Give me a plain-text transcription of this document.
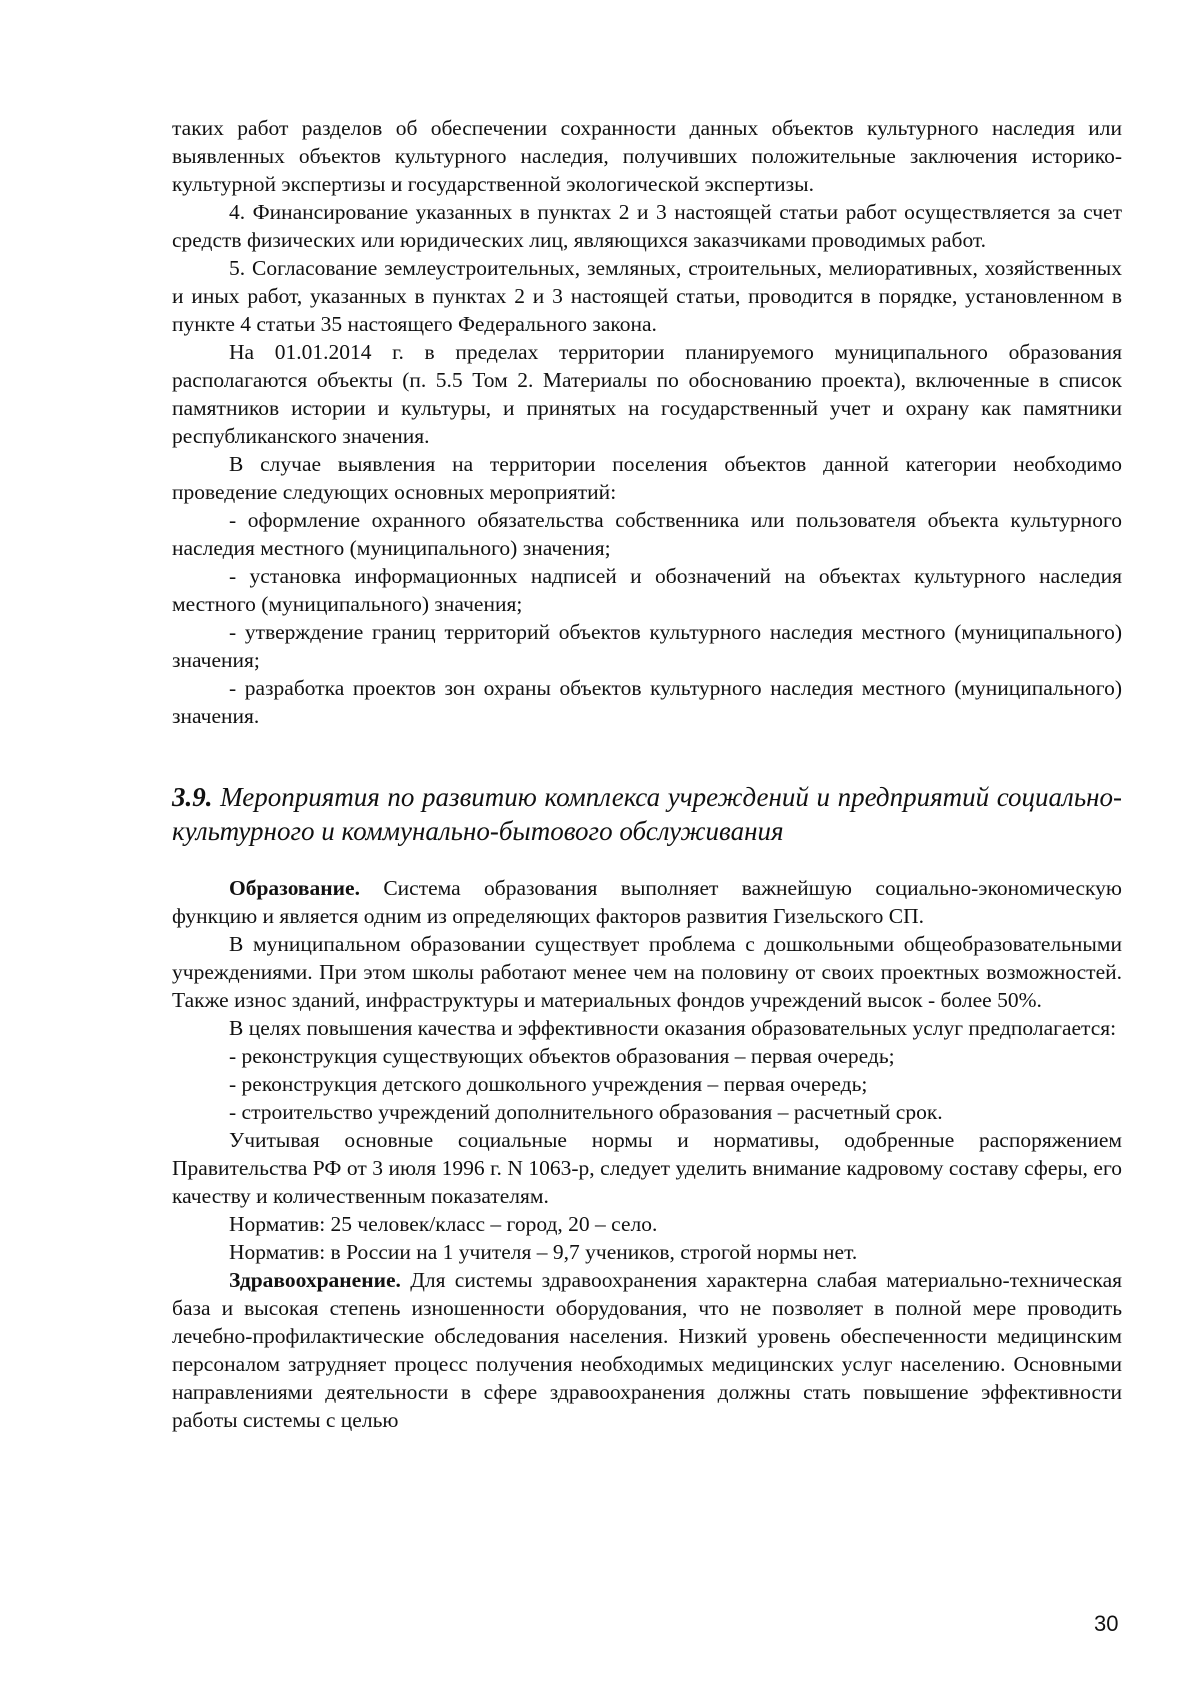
таких работ разделов об обеспечении сохранности данных объектов культурного наследия или выявленных объектов культурного наследия, получивших положительные заключения историко-культурной экспертизы и государственной экологической экспертизы.

4. Финансирование указанных в пунктах 2 и 3 настоящей статьи работ осуществляется за счет средств физических или юридических лиц, являющихся заказчиками проводимых работ.

5. Согласование землеустроительных, земляных, строительных, мелиоративных, хозяйственных и иных работ, указанных в пунктах 2 и 3 настоящей статьи, проводится в порядке, установленном в пункте 4 статьи 35 настоящего Федерального закона.

На 01.01.2014 г. в пределах территории планируемого муниципального образования располагаются объекты (п. 5.5 Том 2. Материалы по обоснованию проекта), включенные в список памятников истории и культуры, и принятых на государственный учет и охрану как памятники республиканского значения.

В случае выявления на территории поселения объектов данной категории необходимо проведение следующих основных мероприятий:

- оформление охранного обязательства собственника или пользователя объекта культурного наследия местного (муниципального) значения;

- установка информационных надписей и обозначений на объектах культурного наследия местного (муниципального) значения;

- утверждение границ территорий объектов культурного наследия местного (муниципального) значения;

- разработка проектов зон охраны объектов культурного наследия местного (муниципального) значения.

3.9. Мероприятия по развитию комплекса учреждений и предприятий социально-культурного и коммунально-бытового обслуживания

Образование. Система образования выполняет важнейшую социально-экономическую функцию и является одним из определяющих факторов развития Гизельского СП.

В муниципальном образовании существует проблема с дошкольными общеобразовательными учреждениями. При этом школы работают менее чем на половину от своих проектных возможностей. Также износ зданий, инфраструктуры и материальных фондов учреждений высок - более 50%.

В целях повышения качества и эффективности оказания образовательных услуг предполагается:

- реконструкция существующих объектов образования – первая очередь;

- реконструкция детского дошкольного учреждения – первая очередь;

- строительство учреждений дополнительного образования – расчетный срок.

Учитывая основные социальные нормы и нормативы, одобренные распоряжением Правительства РФ от 3 июля 1996 г. N 1063-р, следует уделить внимание кадровому составу сферы, его качеству и количественным показателям.

Норматив: 25 человек/класс – город, 20 – село.

Норматив: в России на 1 учителя – 9,7 учеников, строгой нормы нет.

Здравоохранение. Для системы здравоохранения характерна слабая материально-техническая база и высокая степень изношенности оборудования, что не позволяет в полной мере проводить лечебно-профилактические обследования населения. Низкий уровень обеспеченности медицинским персоналом затрудняет процесс получения необходимых медицинских услуг населению. Основными направлениями деятельности в сфере здравоохранения должны стать повышение эффективности работы системы с целью

30
